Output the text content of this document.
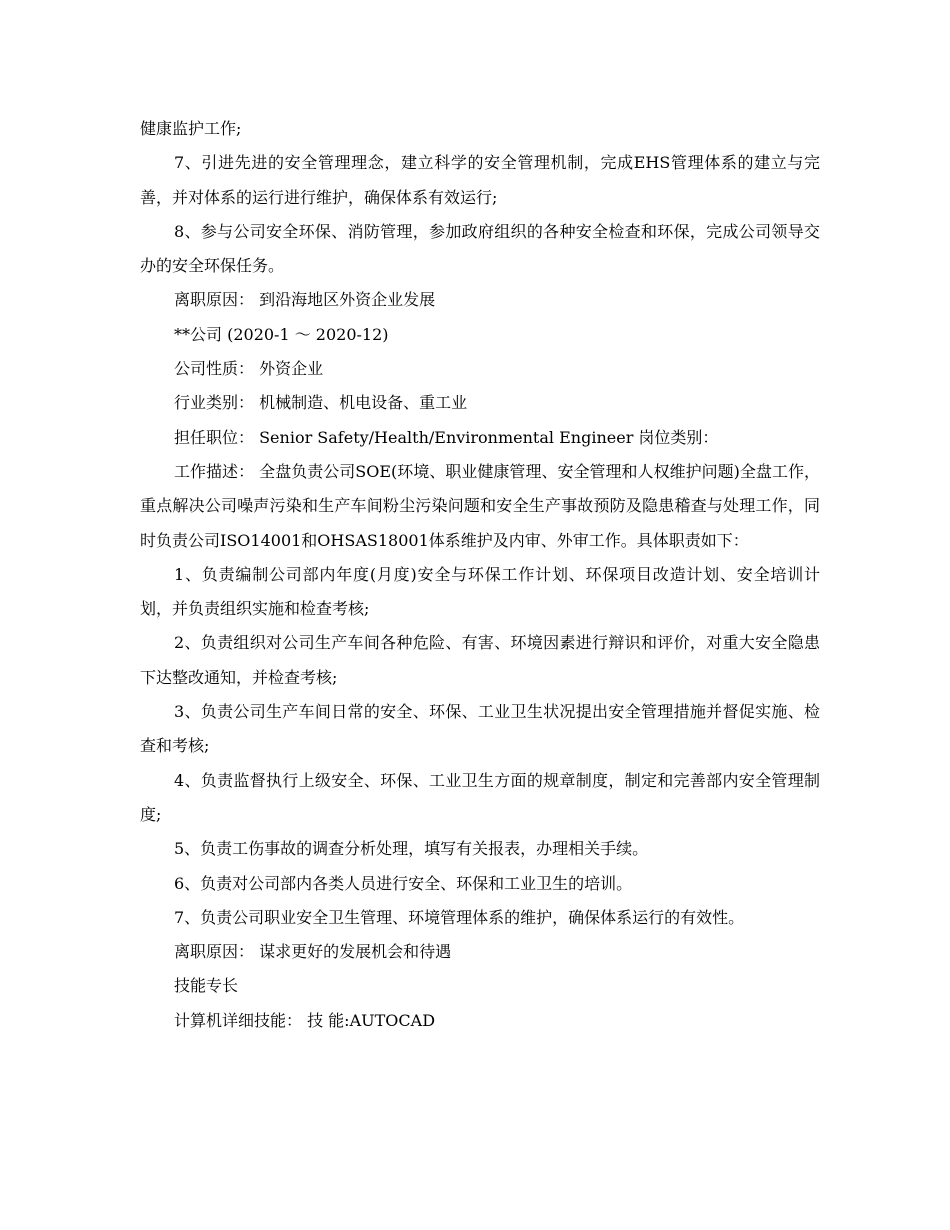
健康监护工作;

7、引进先进的安全管理理念，建立科学的安全管理机制，完成EHS管理体系的建立与完善，并对体系的运行进行维护，确保体系有效运行;

8、参与公司安全环保、消防管理，参加政府组织的各种安全检查和环保，完成公司领导交办的安全环保任务。

离职原因： 到沿海地区外资企业发展

**公司 (2020-1 ～ 2020-12)

公司性质： 外资企业

行业类别： 机械制造、机电设备、重工业

担任职位： Senior Safety/Health/Environmental Engineer 岗位类别：

工作描述： 全盘负责公司SOE(环境、职业健康管理、安全管理和人权维护问题)全盘工作，重点解决公司噪声污染和生产车间粉尘污染问题和安全生产事故预防及隐患稽查与处理工作，同时负责公司ISO14001和OHSAS18001体系维护及内审、外审工作。具体职责如下：

1、负责编制公司部内年度(月度)安全与环保工作计划、环保项目改造计划、安全培训计划，并负责组织实施和检查考核;

2、负责组织对公司生产车间各种危险、有害、环境因素进行辩识和评价，对重大安全隐患下达整改通知，并检查考核;

3、负责公司生产车间日常的安全、环保、工业卫生状况提出安全管理措施并督促实施、检查和考核;

4、负责监督执行上级安全、环保、工业卫生方面的规章制度，制定和完善部内安全管理制度;

5、负责工伤事故的调查分析处理，填写有关报表，办理相关手续。

6、负责对公司部内各类人员进行安全、环保和工业卫生的培训。

7、负责公司职业安全卫生管理、环境管理体系的维护，确保体系运行的有效性。

离职原因： 谋求更好的发展机会和待遇

技能专长

计算机详细技能： 技 能:AUTOCAD
